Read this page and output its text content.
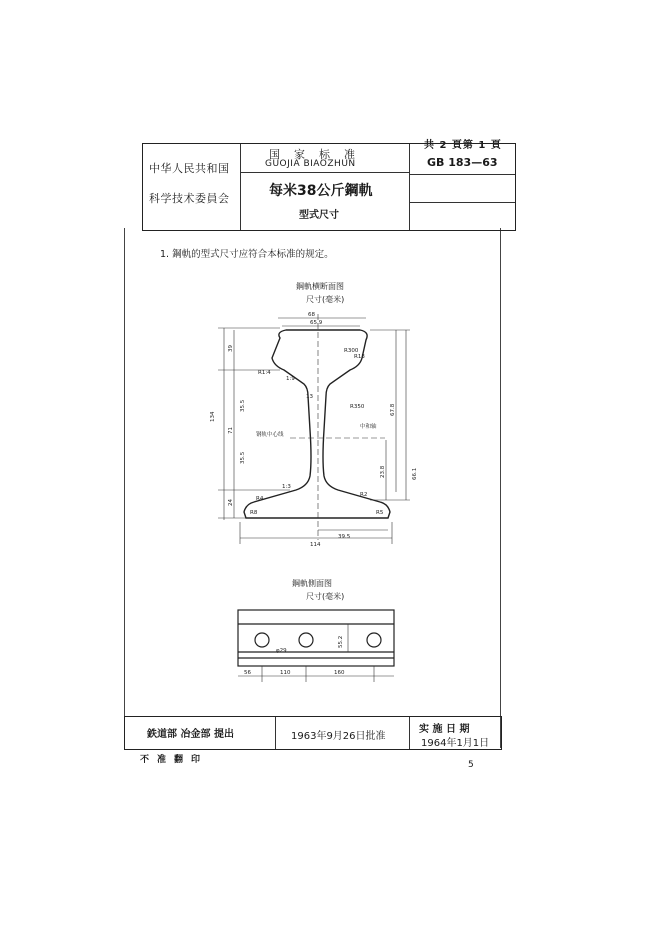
共 2 頁第 1 頁
中华人民共和国
科学技术委員会
国家标准
GUOJIA BIAOZHUN
每米38公斤鋼軌
型式尺寸
GB 183—63
1. 鋼軌的型式尺寸应符合本标准的规定。
鋼軌横断面图
尺寸(毫米)
68
65.9
134
39
71
24
35.5
35.5
R300
R13
R1:4
R350
1:9
1:3
中和轴
钢轨中心线
13
39.5
114
67.8
23.8	66.1
R8	R5
R4
R2
鋼軌側面图
尺寸(毫米)
φ29
56	110	160
55.2
鉄道部 冶金部 提出	1963年9月26日批准
实 施 日 期
1964年1月1日
不准翻印	5
